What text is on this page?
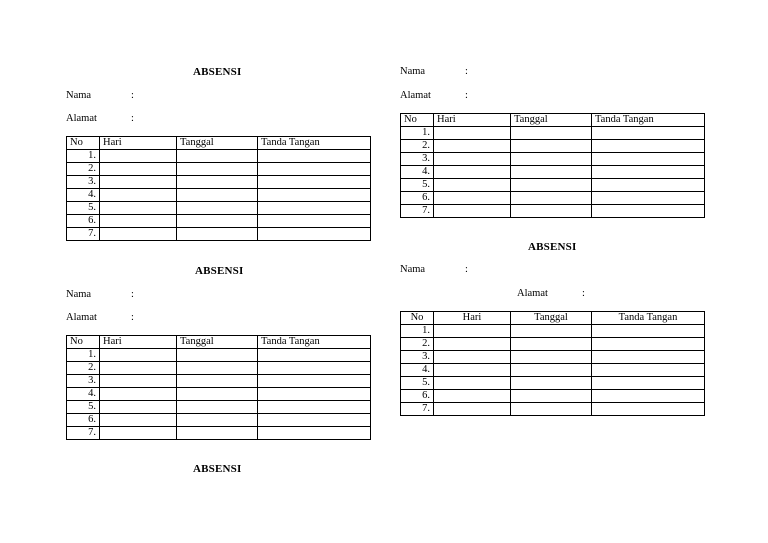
ABSENSI
Nama	:
Alamat	:
No	Hari	Tanggal	Tanda Tangan
1.			
2.			
3.			
4.			
5.			
6.			
7.			
Nama	:
Alamat	:
No	Hari	Tanggal	Tanda Tangan
1.			
2.			
3.			
4.			
5.			
6.			
7.			
ABSENSI
Nama	:
Alamat	:
No	Hari	Tanggal	Tanda Tangan
1.			
2.			
3.			
4.			
5.			
6.			
7.			
ABSENSI
Nama	:
Alamat	:
No	Hari	Tanggal	Tanda Tangan
1.			
2.			
3.			
4.			
5.			
6.			
7.			
ABSENSI
